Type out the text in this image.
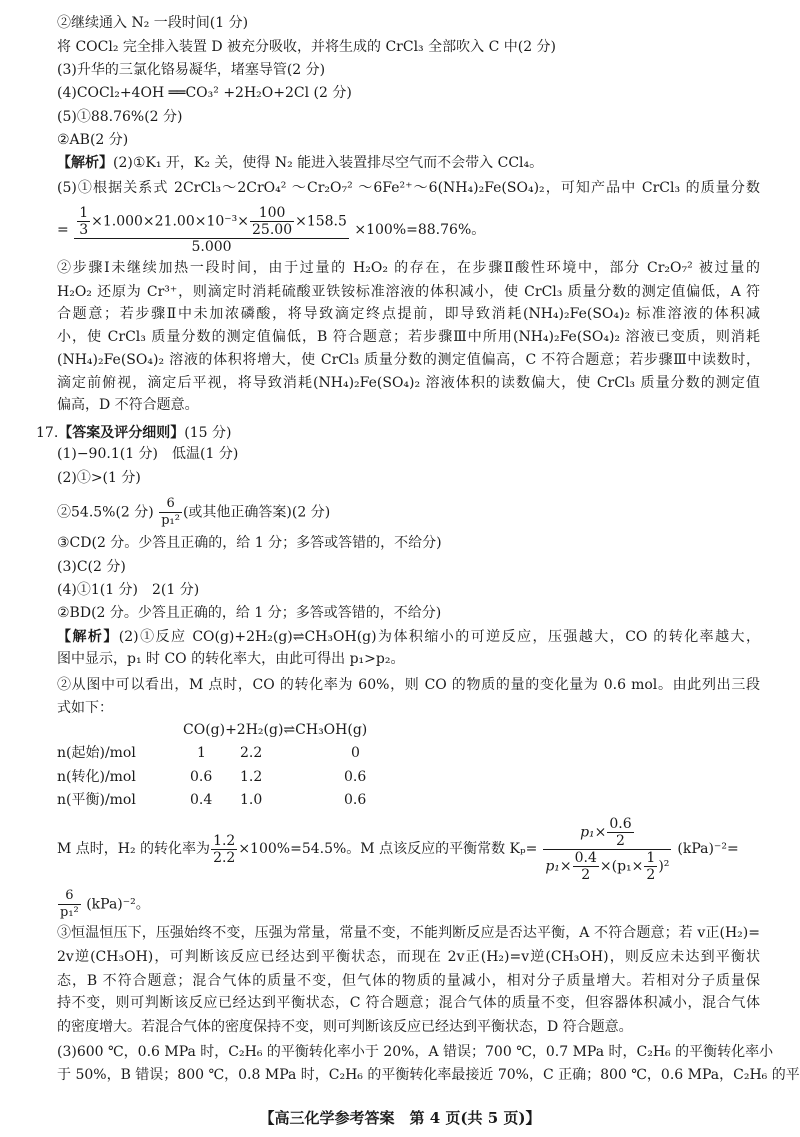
②继续通入 N₂ 一段时间(1 分)
将 COCl₂ 完全排入装置 D 被充分吸收，并将生成的 CrCl₃ 全部吹入 C 中(2 分)
(3)升华的三氯化铬易凝华，堵塞导管(2 分)
(4)COCl₂+4OH ══CO₃² +2H₂O+2Cl (2 分)
(5)①88.76%(2 分)
②AB(2 分)
【解析】(2)①K₁ 开，K₂ 关，使得 N₂ 能进入装置排尽空气而不会带入 CCl₄。
(5)①根据关系式 2CrCl₃～2CrO₄² ～Cr₂O₇² ～6Fe²⁺～6(NH₄)₂Fe(SO₄)₂，可知产品中 CrCl₃ 的质量分数
= $\frac{\frac{1}{3} \times 1.000\times 21.00\times 10^{-3}\times \frac{100}{25.00} \times 158.5}{5.000} \times 100\%=88.76\%$。
②步骤Ⅰ未继续加热一段时间，由于过量的 H₂O₂ 的存在，在步骤Ⅱ酸性环境中，部分 Cr₂O₇² 被过量的
H₂O₂ 还原为 Cr³⁺，则滴定时消耗硫酸亚铁铵标准溶液的体积减小，使 CrCl₃ 质量分数的测定值偏低，A 符
合题意；若步骤Ⅱ中未加浓磷酸，将导致滴定终点提前，即导致消耗(NH₄)₂Fe(SO₄)₂ 标准溶液的体积减
小，使 CrCl₃ 质量分数的测定值偏低，B 符合题意；若步骤Ⅲ中所用(NH₄)₂Fe(SO₄)₂ 溶液已变质，则消耗
(NH₄)₂Fe(SO₄)₂ 溶液的体积将增大，使 CrCl₃ 质量分数的测定值偏高，C 不符合题意；若步骤Ⅲ中读数时，
滴定前俯视，滴定后平视，将导致消耗(NH₄)₂Fe(SO₄)₂ 溶液体积的读数偏大，使 CrCl₃ 质量分数的测定值
偏高，D 不符合题意。
17.【答案及评分细则】(15 分)
(1)−90.1(1 分)　低温(1 分)
(2)①>(1 分)
②54.5%(2 分) $\frac{6}{\text{p₁²}}$ (或其他正确答案)(2 分)
③CD(2 分。少答且正确的，给 1 分；多答或答错的，不给分)
(3)C(2 分)
(4)①1(1 分)　2(1 分)
②BD(2 分。少答且正确的，给 1 分；多答或答错的，不给分)
【解析】(2)①反应 CO(g)+2H₂(g)⇌CH₃OH(g)为体积缩小的可逆反应，压强越大，CO 的转化率越大，
图中显示，p₁ 时 CO 的转化率大，由此可得出 p₁>p₂。
②从图中可以看出，M 点时，CO 的转化率为 60%，则 CO 的物质的量的变化量为 0.6 mol。由此列出三段
式如下：
CO(g)+2H₂(g)⇌CH₃OH(g)
n(起始)/mol	1 2.2	0
n(转化)/mol	0.6 1.2	0.6
n(平衡)/mol	0.4 1.0	0.6
M 点时，H₂ 的转化率为 $\frac{1.2}{2.2} \times 100\%=54.5\%$。M 点该反应的平衡常数 $K_p= \frac{p_1\times \frac{0.6}{2}}{p_1\times \frac{0.4}{2} \times(p_1\times \frac{1}{2} )^2} (kPa)^{-2}=$
$\frac{6}{\text{p₁²}} (kPa)^{-2}$。
③恒温恒压下，压强始终不变，压强为常量，常量不变，不能判断反应是否达平衡，A 不符合题意；若 v正(H₂)=
2v逆(CH₃OH)，可判断该反应已经达到平衡状态，而现在 2v正(H₂)=v逆(CH₃OH)，则反应未达到平衡状
态，B 不符合题意；混合气体的质量不变，但气体的物质的量减小，相对分子质量增大。若相对分子质量保
持不变，则可判断该反应已经达到平衡状态，C 符合题意；混合气体的质量不变，但容器体积减小，混合气体
的密度增大。若混合气体的密度保持不变，则可判断该反应已经达到平衡状态，D 符合题意。
(3)600 ℃，0.6 MPa 时，C₂H₆ 的平衡转化率小于 20%，A 错误；700 ℃，0.7 MPa 时，C₂H₆ 的平衡转化率小
于 50%，B 错误；800 ℃，0.8 MPa 时，C₂H₆ 的平衡转化率最接近 70%，C 正确；800 ℃，0.6 MPa，C₂H₆ 的平
【高三化学参考答案　第 4 页(共 5 页)】
